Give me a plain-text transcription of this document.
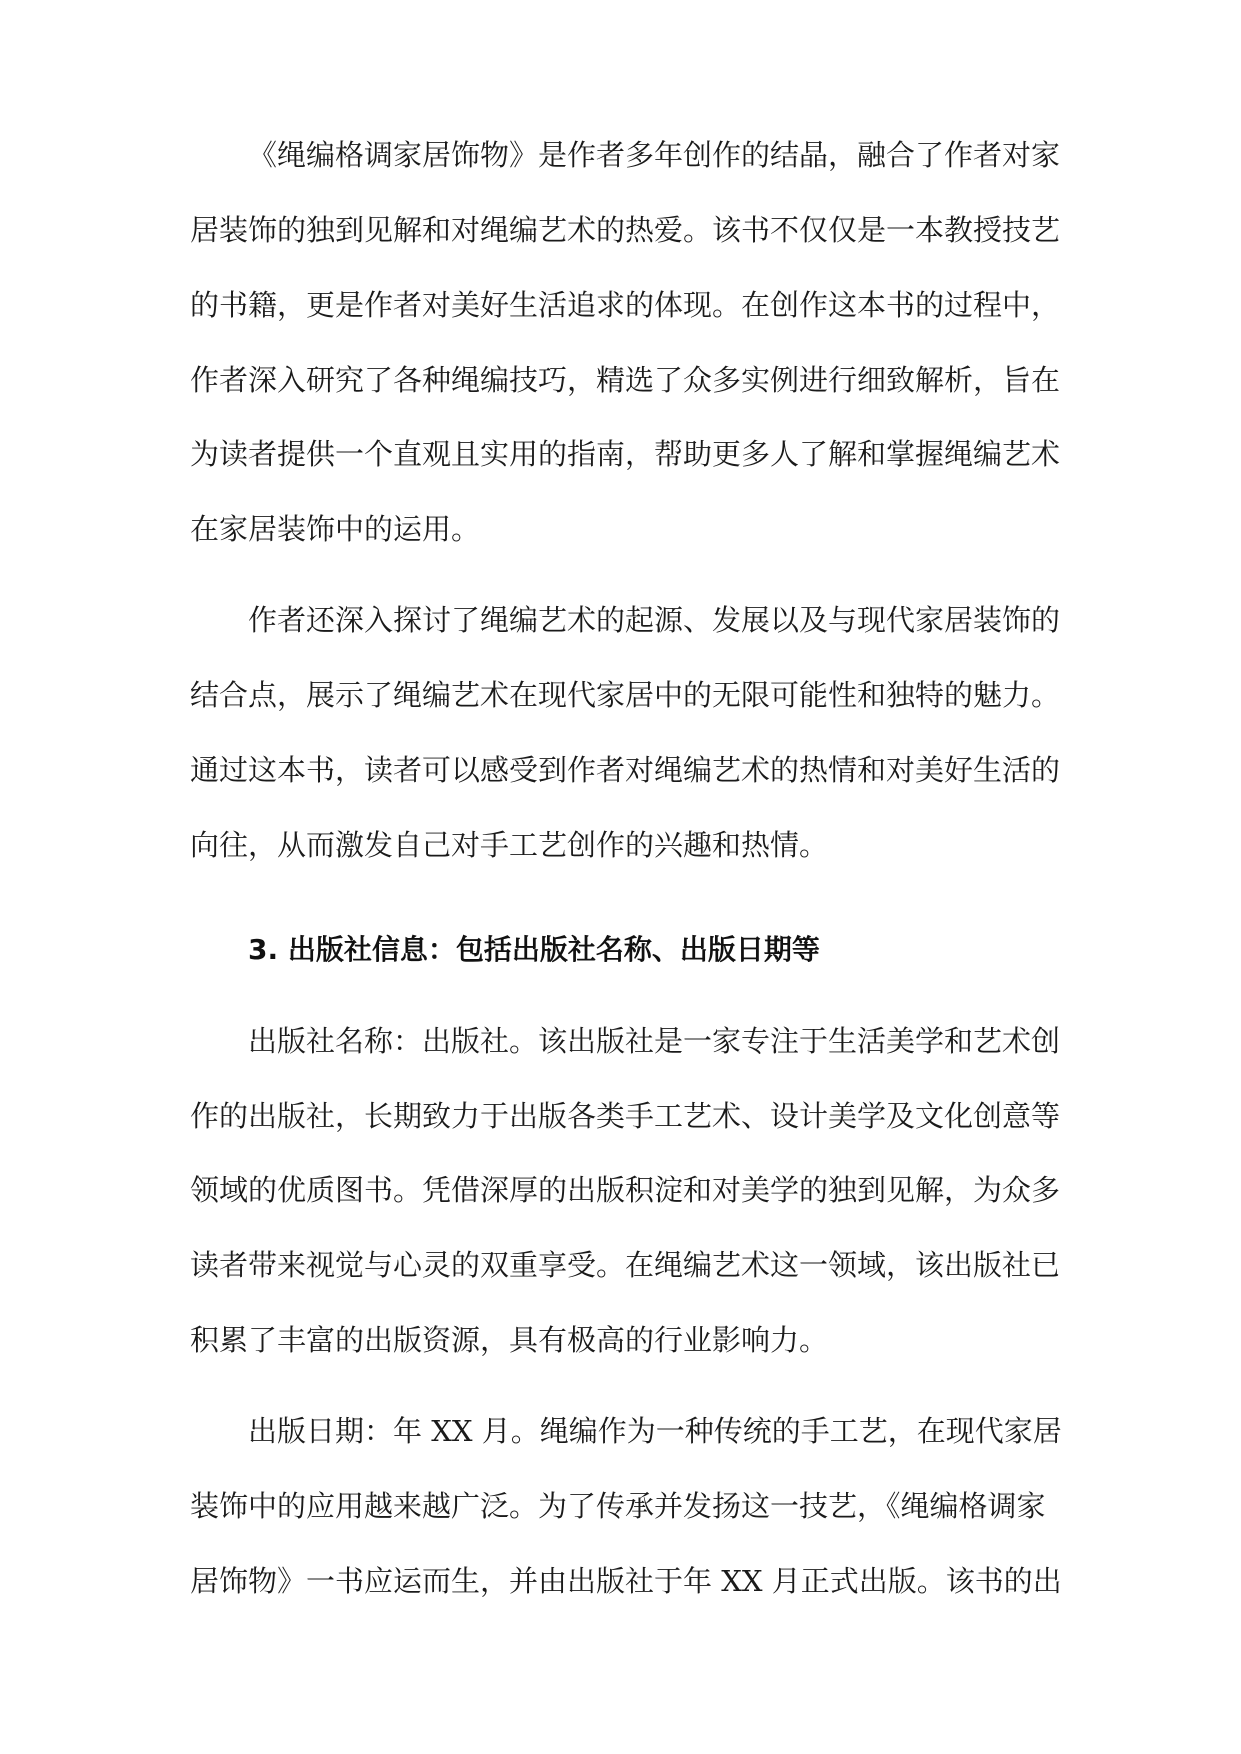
《绳编格调家居饰物》是作者多年创作的结晶，融合了作者对家

居装饰的独到见解和对绳编艺术的热爱。该书不仅仅是一本教授技艺

的书籍，更是作者对美好生活追求的体现。在创作这本书的过程中，

作者深入研究了各种绳编技巧，精选了众多实例进行细致解析，旨在

为读者提供一个直观且实用的指南，帮助更多人了解和掌握绳编艺术

在家居装饰中的运用。

作者还深入探讨了绳编艺术的起源、发展以及与现代家居装饰的

结合点，展示了绳编艺术在现代家居中的无限可能性和独特的魅力。

通过这本书，读者可以感受到作者对绳编艺术的热情和对美好生活的

向往，从而激发自己对手工艺创作的兴趣和热情。

3. 出版社信息：包括出版社名称、出版日期等

出版社名称：出版社。该出版社是一家专注于生活美学和艺术创

作的出版社，长期致力于出版各类手工艺术、设计美学及文化创意等

领域的优质图书。凭借深厚的出版积淀和对美学的独到见解，为众多

读者带来视觉与心灵的双重享受。在绳编艺术这一领域，该出版社已

积累了丰富的出版资源，具有极高的行业影响力。

出版日期：年 XX 月。绳编作为一种传统的手工艺，在现代家居

装饰中的应用越来越广泛。为了传承并发扬这一技艺，《绳编格调家

居饰物》一书应运而生，并由出版社于年 XX 月正式出版。该书的出
